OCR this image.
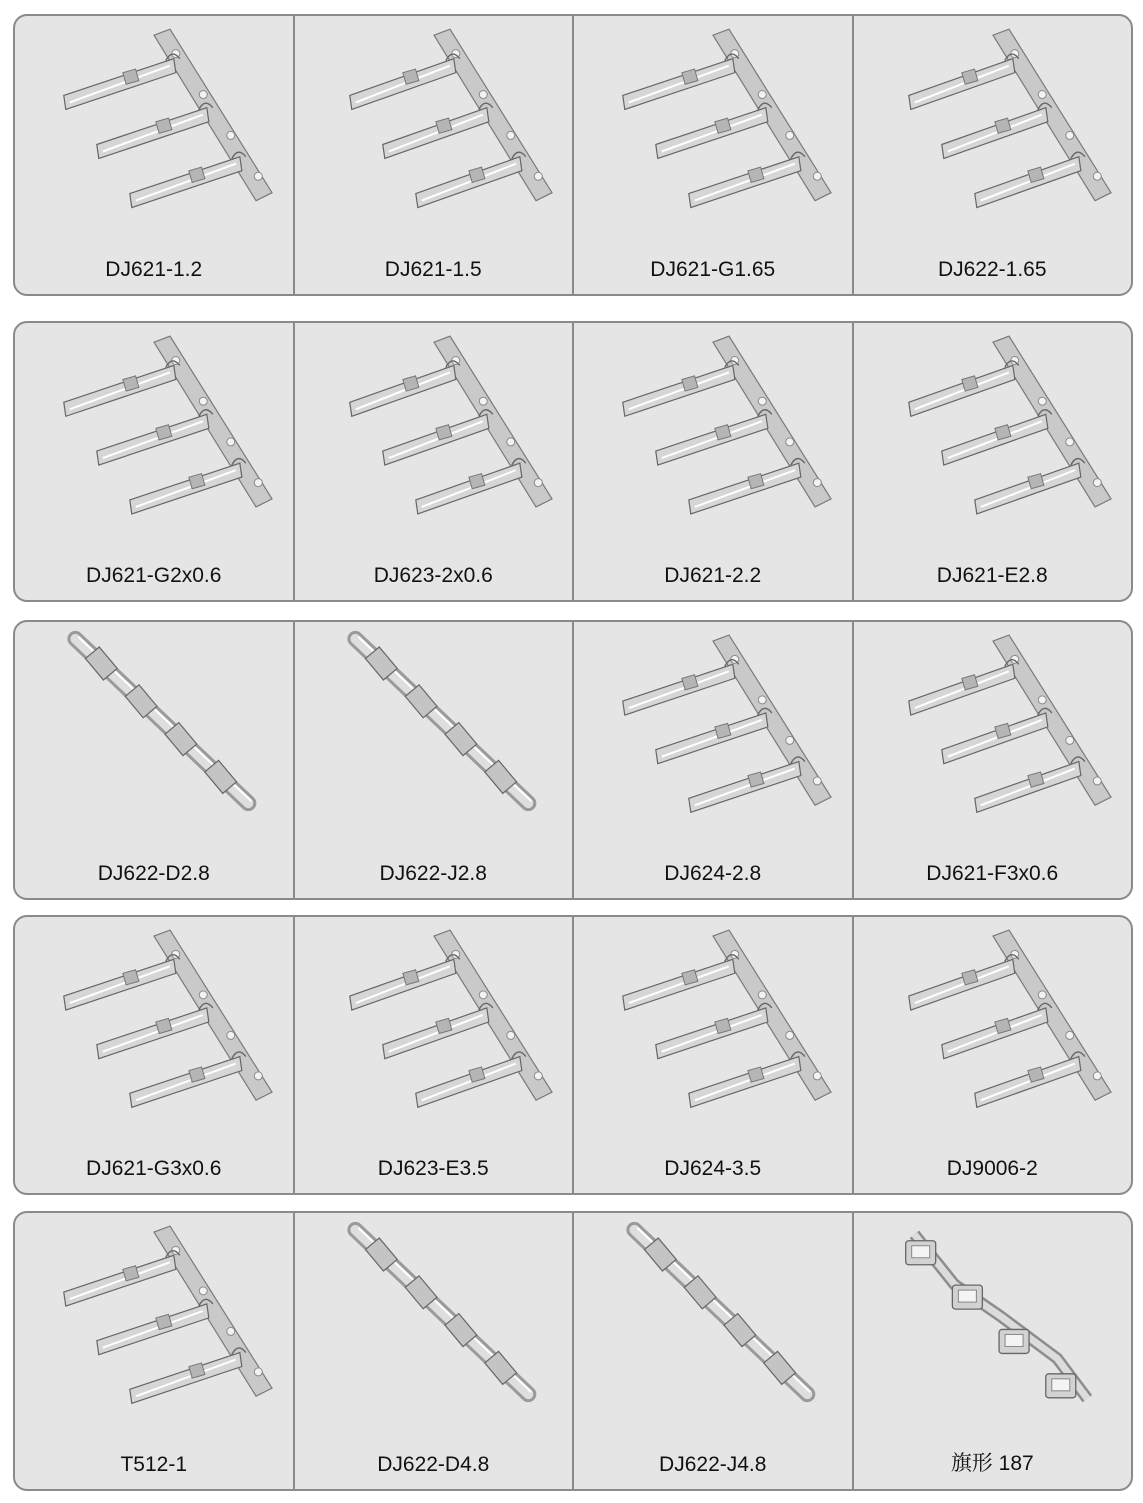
DJ621-1.2	DJ621-1.5	DJ621-G1.65	DJ622-1.65
DJ621-G2x0.6	DJ623-2x0.6	DJ621-2.2	DJ621-E2.8
DJ622-D2.8	DJ622-J2.8	DJ624-2.8	DJ621-F3x0.6
DJ621-G3x0.6	DJ623-E3.5	DJ624-3.5	DJ9006-2
T512-1	DJ622-D4.8	DJ622-J4.8	旗形 187
